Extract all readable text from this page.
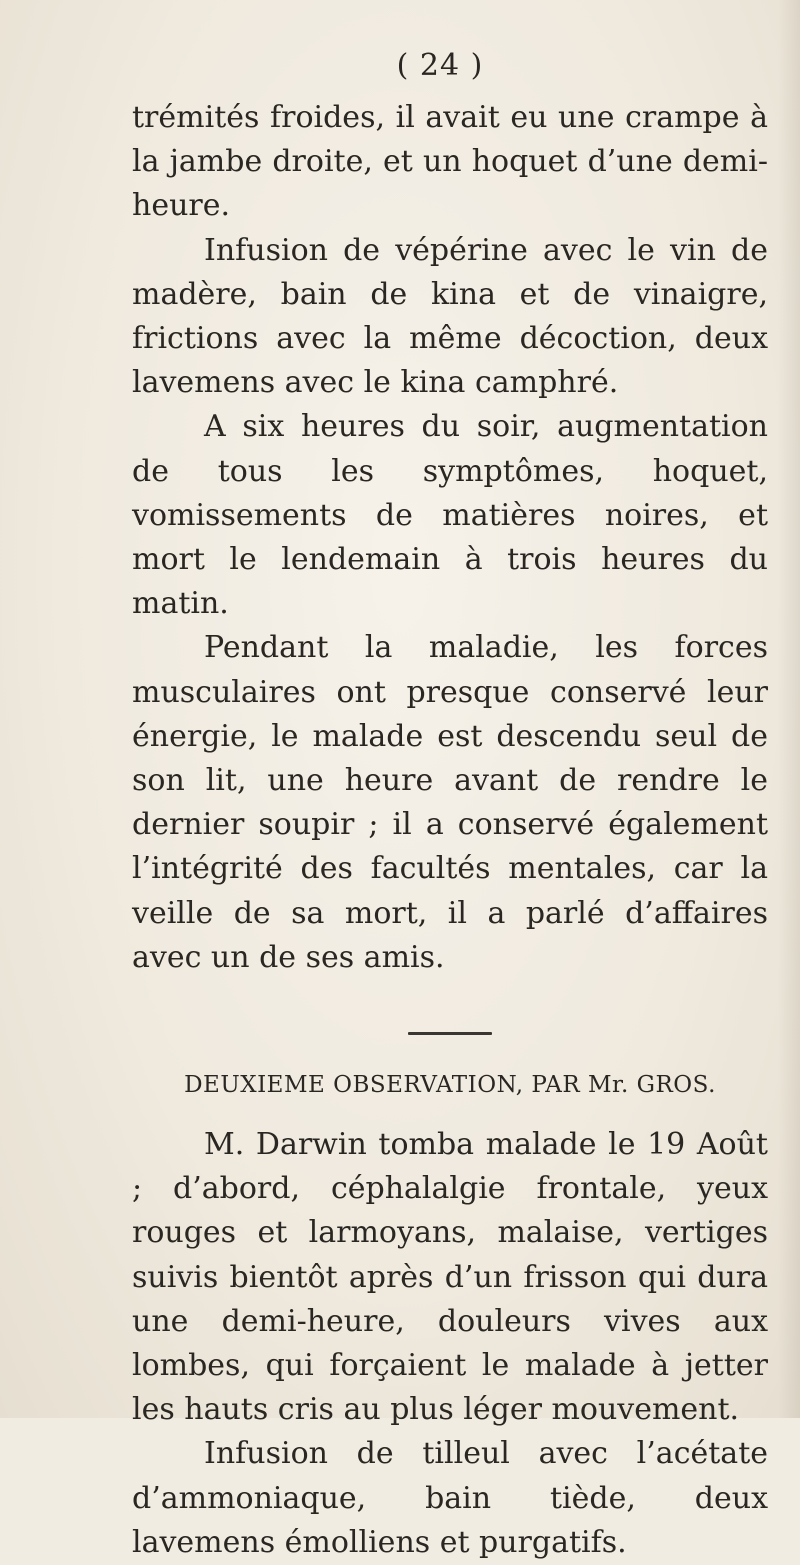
( 24 )

trémités froides, il avait eu une crampe à la jambe droite, et un hoquet d’une demi-heure.

Infusion de vépérine avec le vin de madère, bain de kina et de vinaigre, frictions avec la même décoction, deux lavemens avec le kina camphré.

A six heures du soir, augmentation de tous les symptômes, hoquet, vomissements de matières noires, et mort le lendemain à trois heures du matin.

Pendant la maladie, les forces musculaires ont presque conservé leur énergie, le malade est descendu seul de son lit, une heure avant de rendre le dernier soupir ; il a conservé également l’intégrité des facultés mentales, car la veille de sa mort, il a parlé d’affaires avec un de ses amis.

DEUXIEME OBSERVATION, PAR Mr. GROS.

M. Darwin tomba malade le 19 Août ; d’abord, céphalalgie frontale, yeux rouges et larmoyans, malaise, vertiges suivis bientôt après d’un frisson qui dura une demi-heure, douleurs vives aux lombes, qui forçaient le malade à jetter les hauts cris au plus léger mouvement.

Infusion de tilleul avec l’acétate d’ammoniaque, bain tiède, deux lavemens émolliens et purgatifs.
